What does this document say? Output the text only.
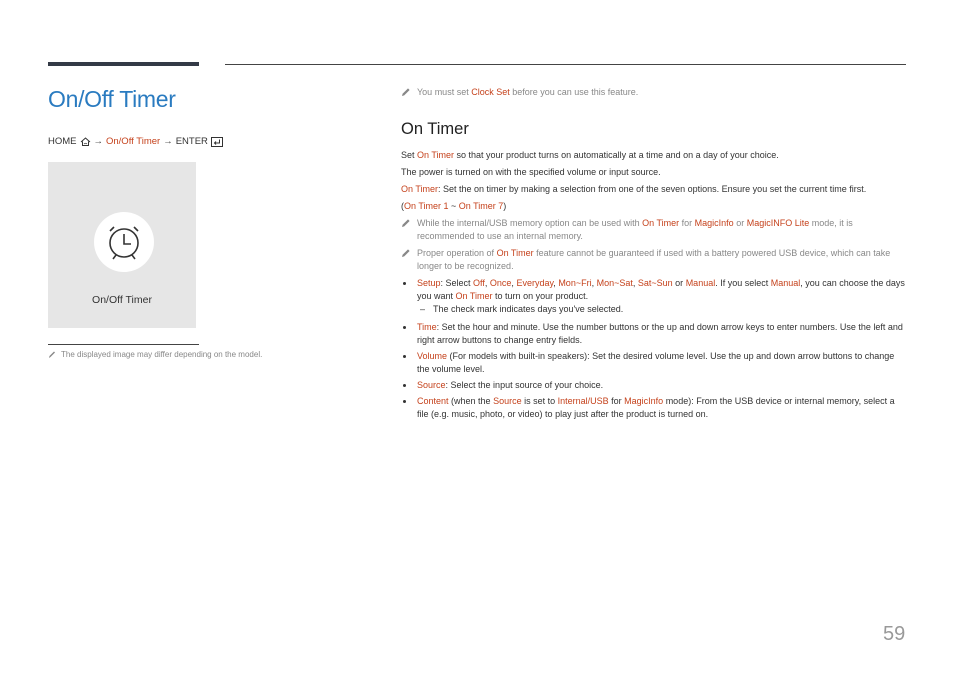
On/Off Timer
HOME → On/Off Timer → ENTER
On/Off Timer
The displayed image may differ depending on the model.
You must set Clock Set before you can use this feature.
On Timer

Set On Timer so that your product turns on automatically at a time and on a day of your choice.

The power is turned on with the specified volume or input source.

On Timer: Set the on timer by making a selection from one of the seven options. Ensure you set the current time first.

(On Timer 1 ~ On Timer 7)

While the internal/USB memory option can be used with On Timer for MagicInfo or MagicINFO Lite mode, it is recommended to use an internal memory.
Proper operation of On Timer feature cannot be guaranteed if used with a battery powered USB device, which can take longer to be recognized.
Setup: Select Off, Once, Everyday, Mon~Fri, Mon~Sat, Sat~Sun or Manual. If you select Manual, you can choose the days you want On Timer to turn on your product.
– The check mark indicates days you've selected.
Time: Set the hour and minute. Use the number buttons or the up and down arrow keys to enter numbers. Use the left and right arrow buttons to change entry fields.
Volume (For models with built-in speakers): Set the desired volume level. Use the up and down arrow buttons to change the volume level.
Source: Select the input source of your choice.
Content (when the Source is set to Internal/USB for MagicInfo mode): From the USB device or internal memory, select a file (e.g. music, photo, or video) to play just after the product is turned on.
59
